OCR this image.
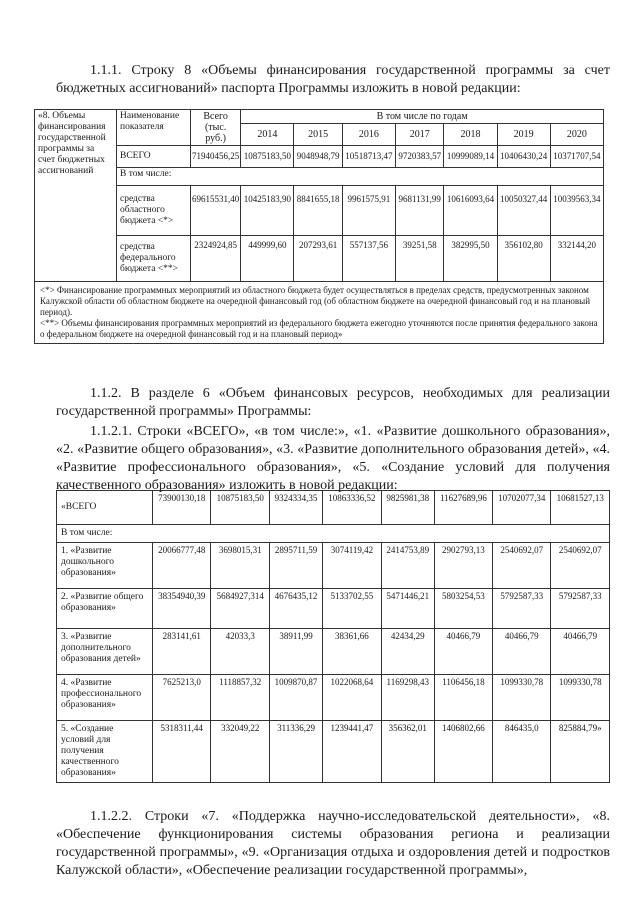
1.1.1. Строку 8 «Объемы финансирования государственной программы за счет бюджетных ассигнований» паспорта Программы изложить в новой редакции:

«8. Объемы финансирования государственной программы за счет бюджетных ассигнований	Наименование показателя	Всего (тыс. руб.)	В том числе по годам						
			2014	2015	2016	2017	2018	2019	2020
	ВСЕГО	71940456,25	10875183,50	9048948,79	10518713,47	9720383,57	10999089,14	10406430,24	10371707,54
	В том числе:								
	средства областного бюджета <*>	69615531,40	10425183,90	8841655,18	9961575,91	9681131,99	10616093,64	10050327,44	10039563,34
	средства федерального бюджета <**>	2324924,85	449999,60	207293,61	557137,56	39251,58	382995,50	356102,80	332144,20

<*> Финансирование программных мероприятий из областного бюджета будет осуществляться в пределах средств, предусмотренных законом Калужской области об областном бюджете на очередной финансовый год (об областном бюджете на очередной финансовый год и на плановый период).
<**> Объемы финансирования программных мероприятий из федерального бюджета ежегодно уточняются после принятия федерального закона о федеральном бюджете на очередной финансовый год и на плановый период»									

1.1.2. В разделе 6 «Объем финансовых ресурсов, необходимых для реализации государственной программы» Программы:

1.1.2.1. Строки «ВСЕГО», «в том числе:», «1. «Развитие дошкольного образования», «2. «Развитие общего образования», «3. «Развитие дополнительного образования детей», «4. «Развитие профессионального образования», «5. «Создание условий для получения качественного образования» изложить в новой редакции:

«ВСЕГО	73900130,18	10875183,50	9324334,35	10863336,52	9825981,38	11627689,96	10702077,34	10681527,13
В том числе:								
1. «Развитие дошкольного образования»	20066777,48	3698015,31	2895711,59	3074119,42	2414753,89	2902793,13	2540692,07	2540692,07
2. «Развитие общего образования»	38354940,39	5684927,314	4676435,12	5133702,55	5471446,21	5803254,53	5792587,33	5792587,33
3. «Развитие дополнительного образования детей»	283141,61	42033,3	38911,99	38361,66	42434,29	40466,79	40466,79	40466,79
4. «Развитие профессионального образования»	7625213,0	1118857,32	1009870,87	1022068,64	1169298,43	1106456,18	1099330,78	1099330,78
5. «Создание условий для получения качественного образования»	5318311,44	332049,22	311336,29	1239441,47	356362,01	1406802,66	846435,0	825884,79»

1.1.2.2. Строки «7. «Поддержка научно-исследовательской деятельности», «8. «Обеспечение функционирования системы образования региона и реализации государственной программы», «9. «Организация отдыха и оздоровления детей и подростков Калужской области», «Обеспечение реализации государственной программы»,
